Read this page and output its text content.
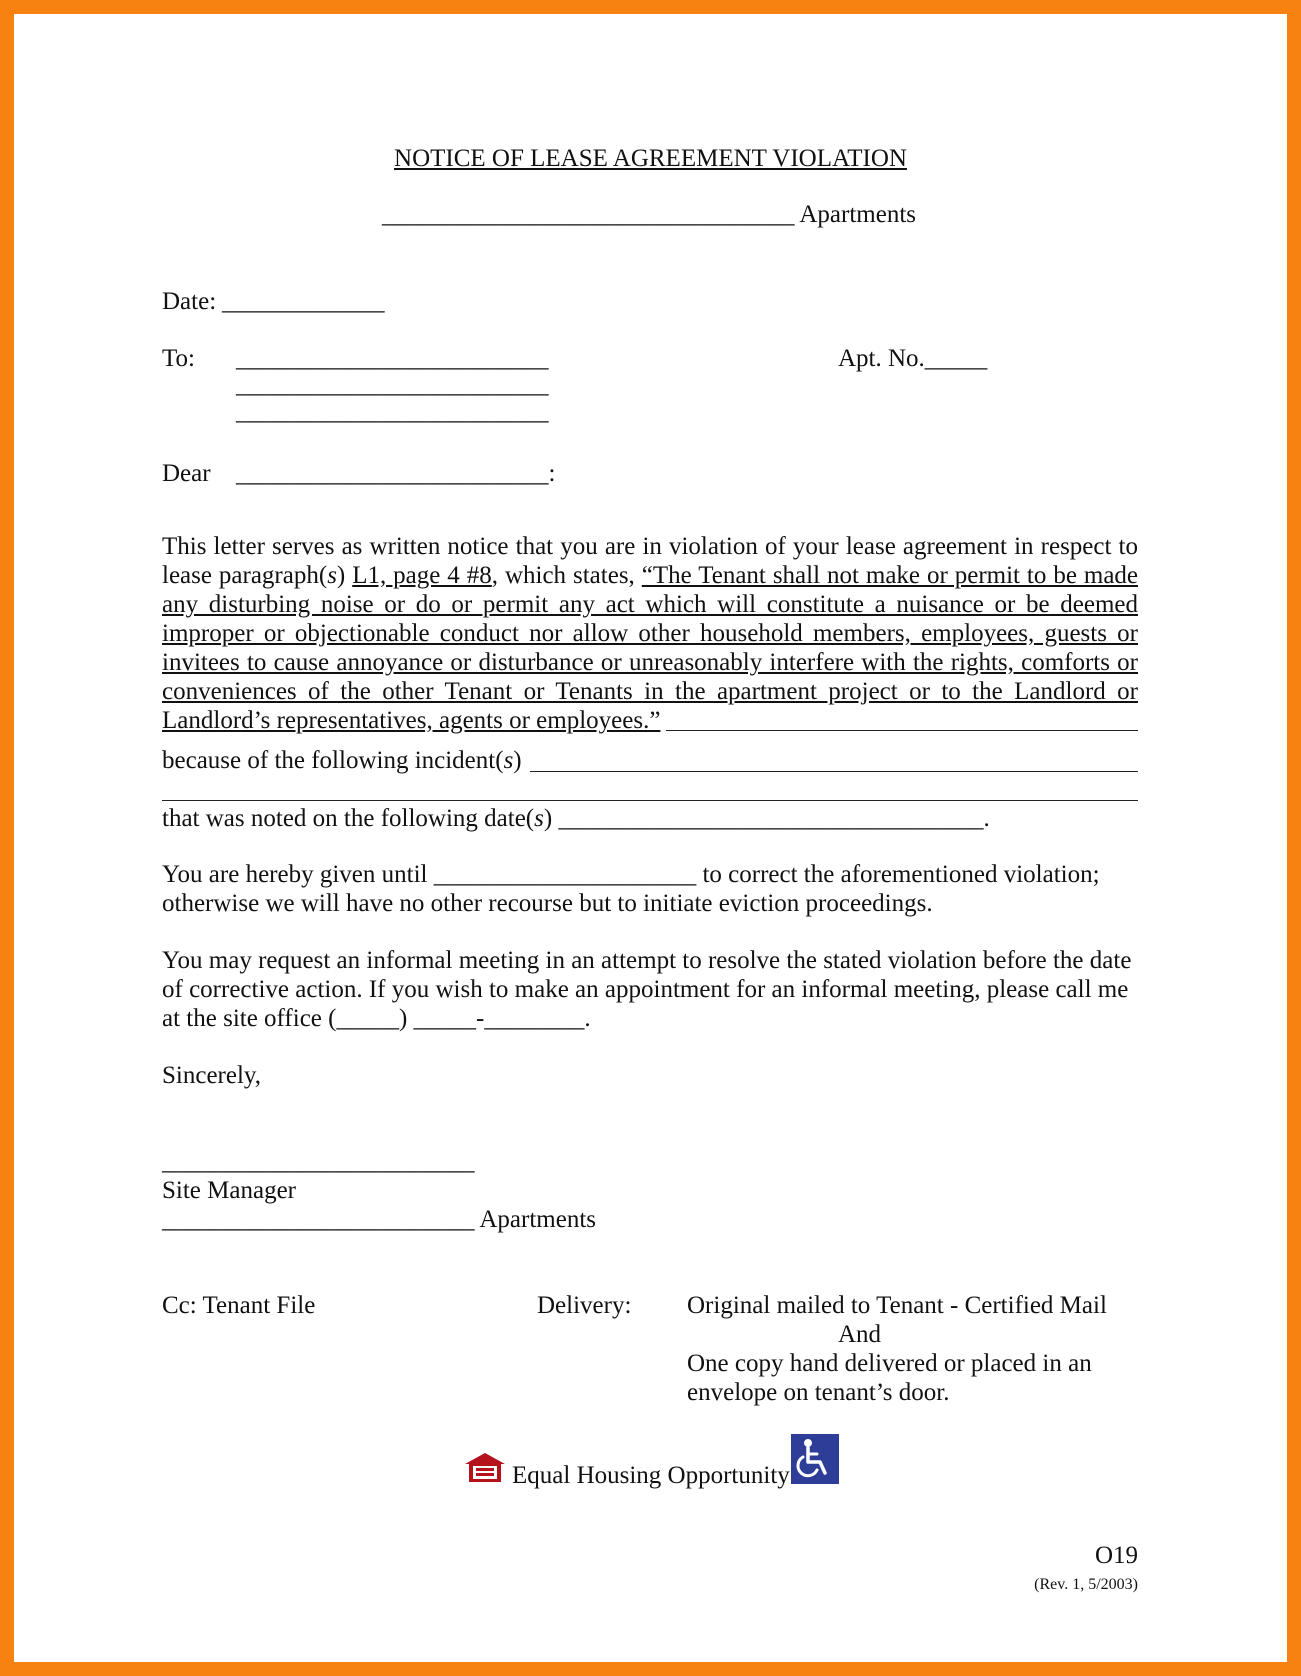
NOTICE OF LEASE AGREEMENT VIOLATION
_________________________________ Apartments
Date: _____________
To: _________________________
_________________________
_________________________
Apt. No._____
Dear _________________________:
This letter serves as written notice that you are in violation of your lease agreement in respect to lease paragraph(s) L1, page 4 #8, which states, “The Tenant shall not make or permit to be made any disturbing noise or do or permit any act which will constitute a nuisance or be deemed improper or objectionable conduct nor allow other household members, employees, guests or invitees to cause annoyance or disturbance or unreasonably interfere with the rights, comforts or conveniences of the other Tenant or Tenants in the apartment project or to the Landlord or Landlord’s representatives, agents or employees.”
because of the following incident(s)
that was noted on the following date(s) __________________________________.
You are hereby given until _____________________ to correct the aforementioned violation;
otherwise we will have no other recourse but to initiate eviction proceedings.
You may request an informal meeting in an attempt to resolve the stated violation before the date
of corrective action. If you wish to make an appointment for an informal meeting, please call me
at the site office (_____) _____-________.
Sincerely,
_________________________
Site Manager
_________________________ Apartments
Cc: Tenant File	Delivery: Original mailed to Tenant - Certified Mail
And
One copy hand delivered or placed in an
envelope on tenant’s door.
Equal Housing Opportunity
O19
(Rev. 1, 5/2003)
